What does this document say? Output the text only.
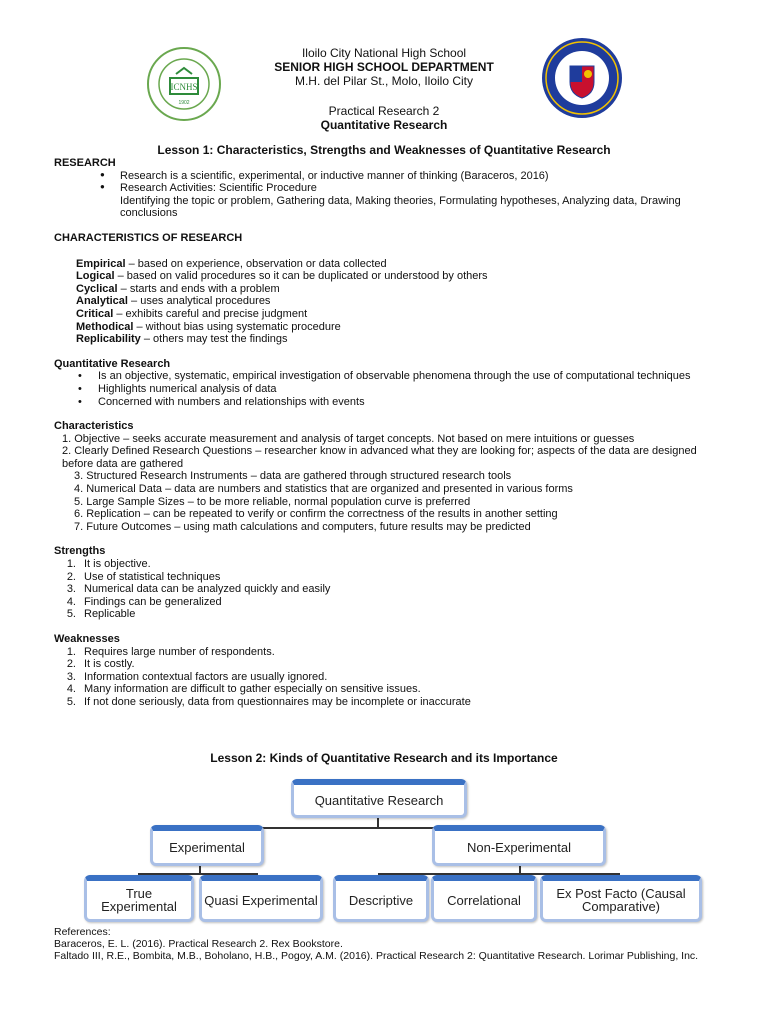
ICNHS
1902
Iloilo City National High School
SENIOR HIGH SCHOOL DEPARTMENT
M.H. del Pilar St., Molo, Iloilo City
Practical Research 2
Quantitative Research
Lesson 1: Characteristics, Strengths and Weaknesses of Quantitative Research
RESEARCH
● Research is a scientific, experimental, or inductive manner of thinking (Baraceros, 2016)
● Research Activities: Scientific Procedure
Identifying the topic or problem, Gathering data, Making theories, Formulating hypotheses, Analyzing data, Drawing conclusions
CHARACTERISTICS OF RESEARCH
Empirical – based on experience, observation or data collected
Logical – based on valid procedures so it can be duplicated or understood by others
Cyclical – starts and ends with a problem
Analytical – uses analytical procedures
Critical – exhibits careful and precise judgment
Methodical – without bias using systematic procedure
Replicability – others may test the findings
Quantitative Research
• Is an objective, systematic, empirical investigation of observable phenomena through the use of computational techniques
• Highlights numerical analysis of data
• Concerned with numbers and relationships with events
Characteristics
1. Objective – seeks accurate measurement and analysis of target concepts. Not based on mere intuitions or guesses
2. Clearly Defined Research Questions – researcher know in advanced what they are looking for; aspects of the data are designed before data are gathered
3. Structured Research Instruments – data are gathered through structured research tools
4. Numerical Data – data are numbers and statistics that are organized and presented in various forms
5. Large Sample Sizes – to be more reliable, normal population curve is preferred
6. Replication – can be repeated to verify or confirm the correctness of the results in another setting
7. Future Outcomes – using math calculations and computers, future results may be predicted
Strengths
1. It is objective.
2. Use of statistical techniques
3. Numerical data can be analyzed quickly and easily
4. Findings can be generalized
5. Replicable
Weaknesses
1. Requires large number of respondents.
2. It is costly.
3. Information contextual factors are usually ignored.
4. Many information are difficult to gather especially on sensitive issues.
5. If not done seriously, data from questionnaires may be incomplete or inaccurate
Lesson 2: Kinds of Quantitative Research and its Importance
Quantitative Research
Experimental	Non-Experimental
True Experimental	Quasi Experimental Descriptive	Correlational	Ex Post Facto (Causal Comparative)
References:
Baraceros, E. L. (2016). Practical Research 2. Rex Bookstore.
Faltado III, R.E., Bombita, M.B., Boholano, H.B., Pogoy, A.M. (2016). Practical Research 2: Quantitative Research. Lorimar Publishing, Inc.
